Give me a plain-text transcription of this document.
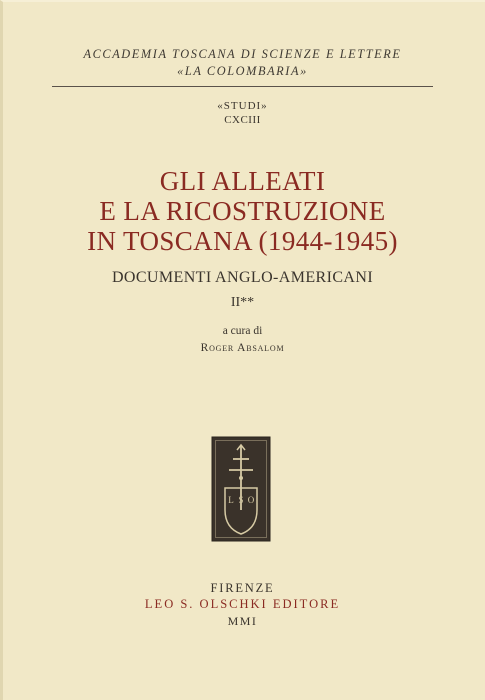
ACCADEMIA TOSCANA DI SCIENZE E LETTERE
«LA COLOMBARIA»
«STUDI»
CXCIII
GLI ALLEATI
E LA RICOSTRUZIONE
IN TOSCANA (1944-1945)
DOCUMENTI ANGLO-AMERICANI
II**
a cura di
Roger Absalom
L S O
FIRENZE
LEO S. OLSCHKI EDITORE
MMI
